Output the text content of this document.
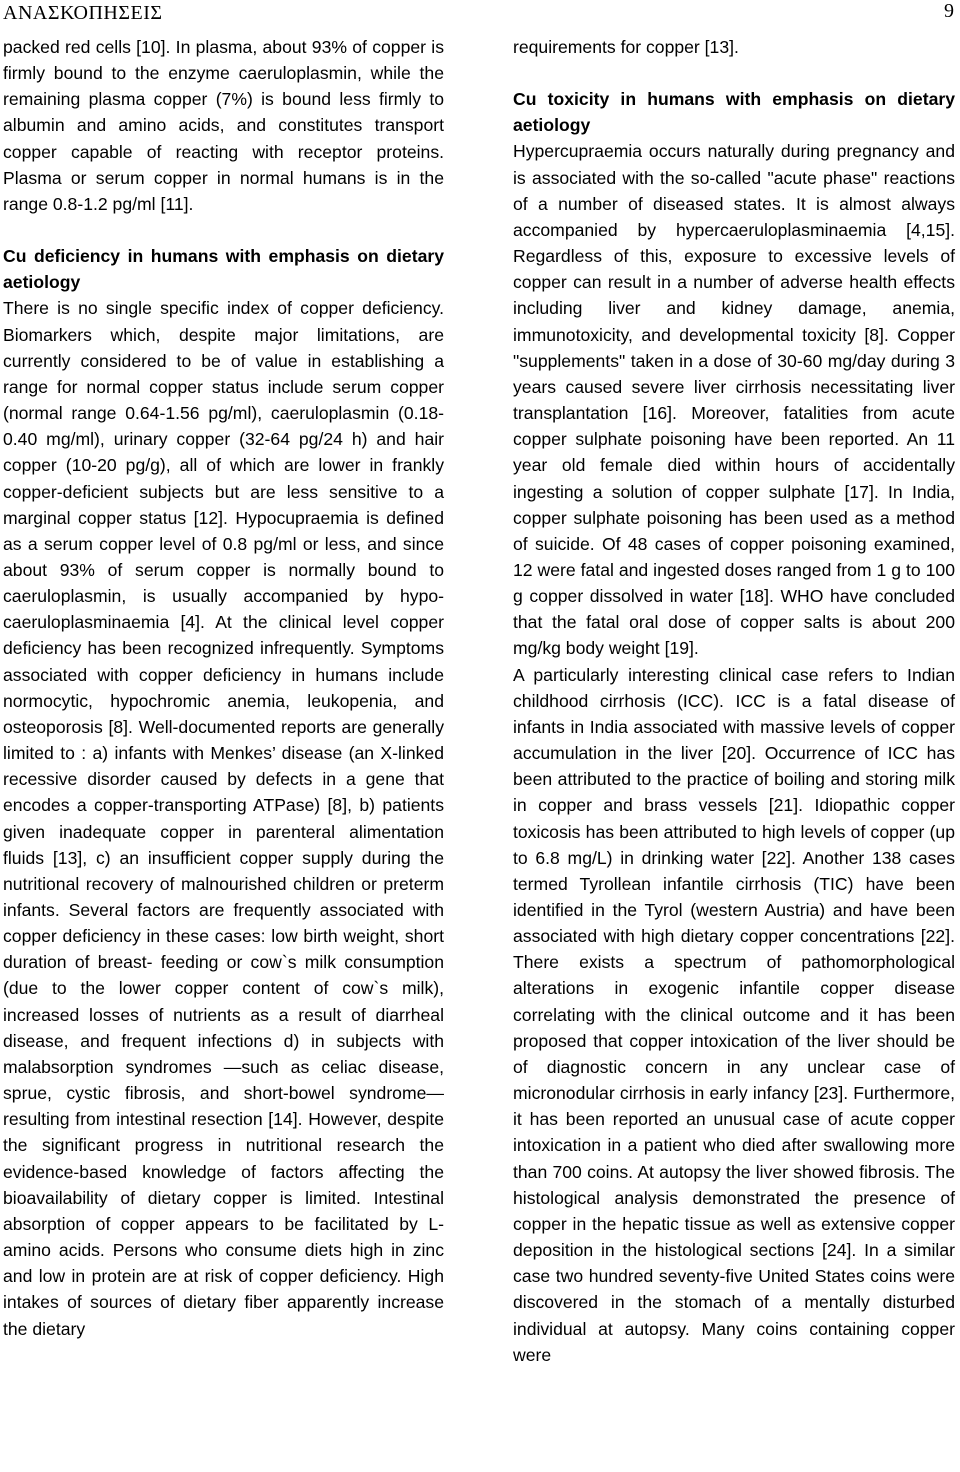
ΑΝΑΣΚΟΠΗΣΕΙΣ	9

packed red cells [10]. In plasma, about 93% of copper is firmly bound to the enzyme caeruloplasmin, while the remaining plasma copper (7%) is bound less firmly to albumin and amino acids, and constitutes transport copper capable of reacting with receptor proteins. Plasma or serum copper in normal humans is in the range 0.8-1.2 pg/ml [11].

Cu deficiency in humans with emphasis on dietary aetiology

There is no single specific index of copper deficiency. Biomarkers which, despite major limitations, are currently considered to be of value in establishing a range for normal copper status include serum copper (normal range 0.64-1.56 pg/ml), caeruloplasmin (0.18-0.40 mg/ml), urinary copper (32-64 pg/24 h) and hair copper (10-20 pg/g), all of which are lower in frankly copper-deficient subjects but are less sensitive to a marginal copper status [12]. Hypocupraemia is defined as a serum copper level of 0.8 pg/ml or less, and since about 93% of serum copper is normally bound to caeruloplasmin, is usually accompanied by hypo-caeruloplasminaemia [4]. At the clinical level copper deficiency has been recognized infrequently. Symptoms associated with copper deficiency in humans include normocytic, hypochromic anemia, leukopenia, and osteoporosis [8]. Well-documented reports are generally limited to : a) infants with Menkes’ disease (an X-linked recessive disorder caused by defects in a gene that encodes a copper-transporting ATPase) [8], b) patients given inadequate copper in parenteral alimentation fluids [13], c) an insufficient copper supply during the nutritional recovery of malnourished children or preterm infants. Several factors are frequently associated with copper deficiency in these cases: low birth weight, short duration of breast- feeding or cow`s milk consumption (due to the lower copper content of cow`s milk), increased losses of nutrients as a result of diarrheal disease, and frequent infections d) in subjects with malabsorption syndromes —such as celiac disease, sprue, cystic fibrosis, and short-bowel syndrome— resulting from intestinal resection [14]. However, despite the significant progress in nutritional research the evidence-based knowledge of factors affecting the bioavailability of dietary copper is limited. Intestinal absorption of copper appears to be facilitated by L-amino acids. Persons who consume diets high in zinc and low in protein are at risk of copper deficiency. High intakes of sources of dietary fiber apparently increase the dietary

requirements for copper [13].

Cu toxicity in humans with emphasis on dietary aetiology

Hypercupraemia occurs naturally during pregnancy and is associated with the so-called "acute phase" reactions of a number of diseased states. It is almost always accompanied by hypercaeruloplasminaemia [4,15]. Regardless of this, exposure to excessive levels of copper can result in a number of adverse health effects including liver and kidney damage, anemia, immunotoxicity, and developmental toxicity [8]. Copper "supplements" taken in a dose of 30-60 mg/day during 3 years caused severe liver cirrhosis necessitating liver transplantation [16]. Moreover, fatalities from acute copper sulphate poisoning have been reported. An 11 year old female died within hours of accidentally ingesting a solution of copper sulphate [17]. In India, copper sulphate poisoning has been used as a method of suicide. Of 48 cases of copper poisoning examined, 12 were fatal and ingested doses ranged from 1 g to 100 g copper dissolved in water [18]. WHO have concluded that the fatal oral dose of copper salts is about 200 mg/kg body weight [19].

A particularly interesting clinical case refers to Indian childhood cirrhosis (ICC). ICC is a fatal disease of infants in India associated with massive levels of copper accumulation in the liver [20]. Occurrence of ICC has been attributed to the practice of boiling and storing milk in copper and brass vessels [21]. Idiopathic copper toxicosis has been attributed to high levels of copper (up to 6.8 mg/L) in drinking water [22]. Another 138 cases termed Tyrollean infantile cirrhosis (TIC) have been identified in the Tyrol (western Austria) and have been associated with high dietary copper concentrations [22]. There exists a spectrum of pathomorphological alterations in exogenic infantile copper disease correlating with the clinical outcome and it has been proposed that copper intoxication of the liver should be of diagnostic concern in any unclear case of micronodular cirrhosis in early infancy [23]. Furthermore, it has been reported an unusual case of acute copper intoxication in a patient who died after swallowing more than 700 coins. At autopsy the liver showed fibrosis. The histological analysis demonstrated the presence of copper in the hepatic tissue as well as extensive copper deposition in the histological sections [24]. In a similar case two hundred seventy-five United States coins were discovered in the stomach of a mentally disturbed individual at autopsy. Many coins containing copper were
